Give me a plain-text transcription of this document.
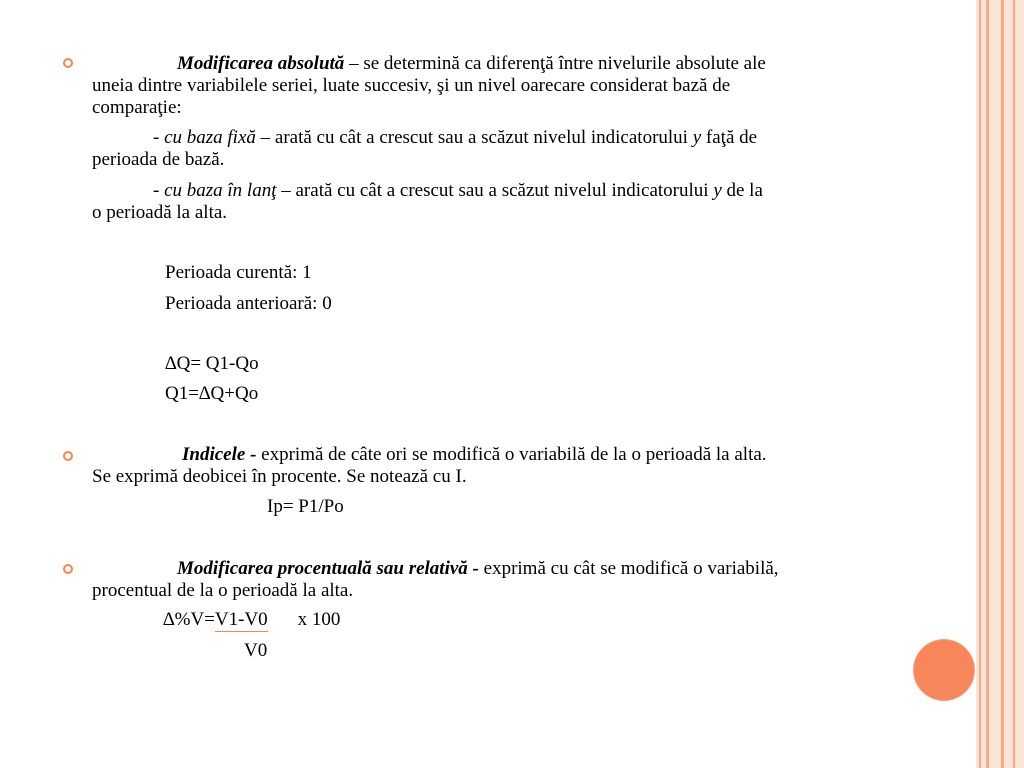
Modificarea absolută – se determină ca diferenţă între nivelurile absolute ale
uneia dintre variabilele seriei, luate succesiv, şi un nivel oarecare considerat bază de
comparaţie:
- cu baza fixă – arată cu cât a crescut sau a scăzut nivelul indicatorului y faţă de
perioada de bază.
- cu baza în lanţ – arată cu cât a crescut sau a scăzut nivelul indicatorului y de la
o perioadă la alta.
Perioada curentă: 1
Perioada anterioară: 0
∆Q= Q1-Qo
Q1=∆Q+Qo
Indicele - exprimă de câte ori se modifică o variabilă de la o perioadă la alta.
Se exprimă deobicei în procente. Se notează cu I.
Ip= P1/Po
Modificarea procentuală sau relativă - exprimă cu cât se modifică o variabilă,
procentual de la o perioadă la alta.
∆%V=V1-V0 x 100
V0
